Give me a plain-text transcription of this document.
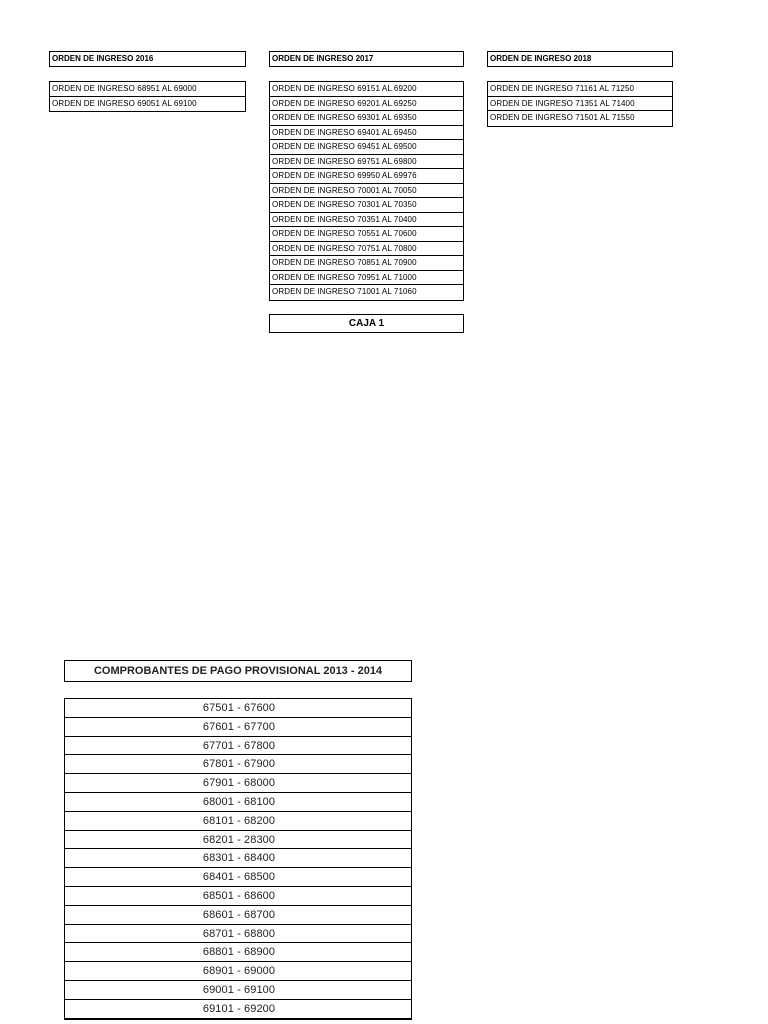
ORDEN DE INGRESO 2016	ORDEN DE INGRESO 2017	ORDEN DE INGRESO 2018
ORDEN DE INGRESO 68951 AL 69000
ORDEN DE INGRESO 69051 AL 69100
ORDEN DE INGRESO 69151 AL 69200
ORDEN DE INGRESO 69201 AL 69250
ORDEN DE INGRESO 69301 AL 69350
ORDEN DE INGRESO 69401 AL 69450
ORDEN DE INGRESO 69451 AL 69500
ORDEN DE INGRESO 69751 AL 69800
ORDEN DE INGRESO 69950 AL 69976
ORDEN DE INGRESO 70001 AL 70050
ORDEN DE INGRESO 70301 AL 70350
ORDEN DE INGRESO 70351 AL 70400
ORDEN DE INGRESO 70551 AL 70600
ORDEN DE INGRESO 70751 AL 70800
ORDEN DE INGRESO 70851 AL 70900
ORDEN DE INGRESO 70951 AL 71000
ORDEN DE INGRESO 71001 AL 71060
ORDEN DE INGRESO 71161 AL 71250
ORDEN DE INGRESO 71351 AL 71400
ORDEN DE INGRESO 71501 AL 71550
CAJA 1
COMPROBANTES DE PAGO PROVISIONAL 2013 - 2014
67501 - 67600
67601 - 67700
67701 - 67800
67801 - 67900
67901 - 68000
68001 - 68100
68101 - 68200
68201 - 28300
68301 - 68400
68401 - 68500
68501 - 68600
68601 - 68700
68701 - 68800
68801 - 68900
68901 - 69000
69001 - 69100
69101 - 69200
